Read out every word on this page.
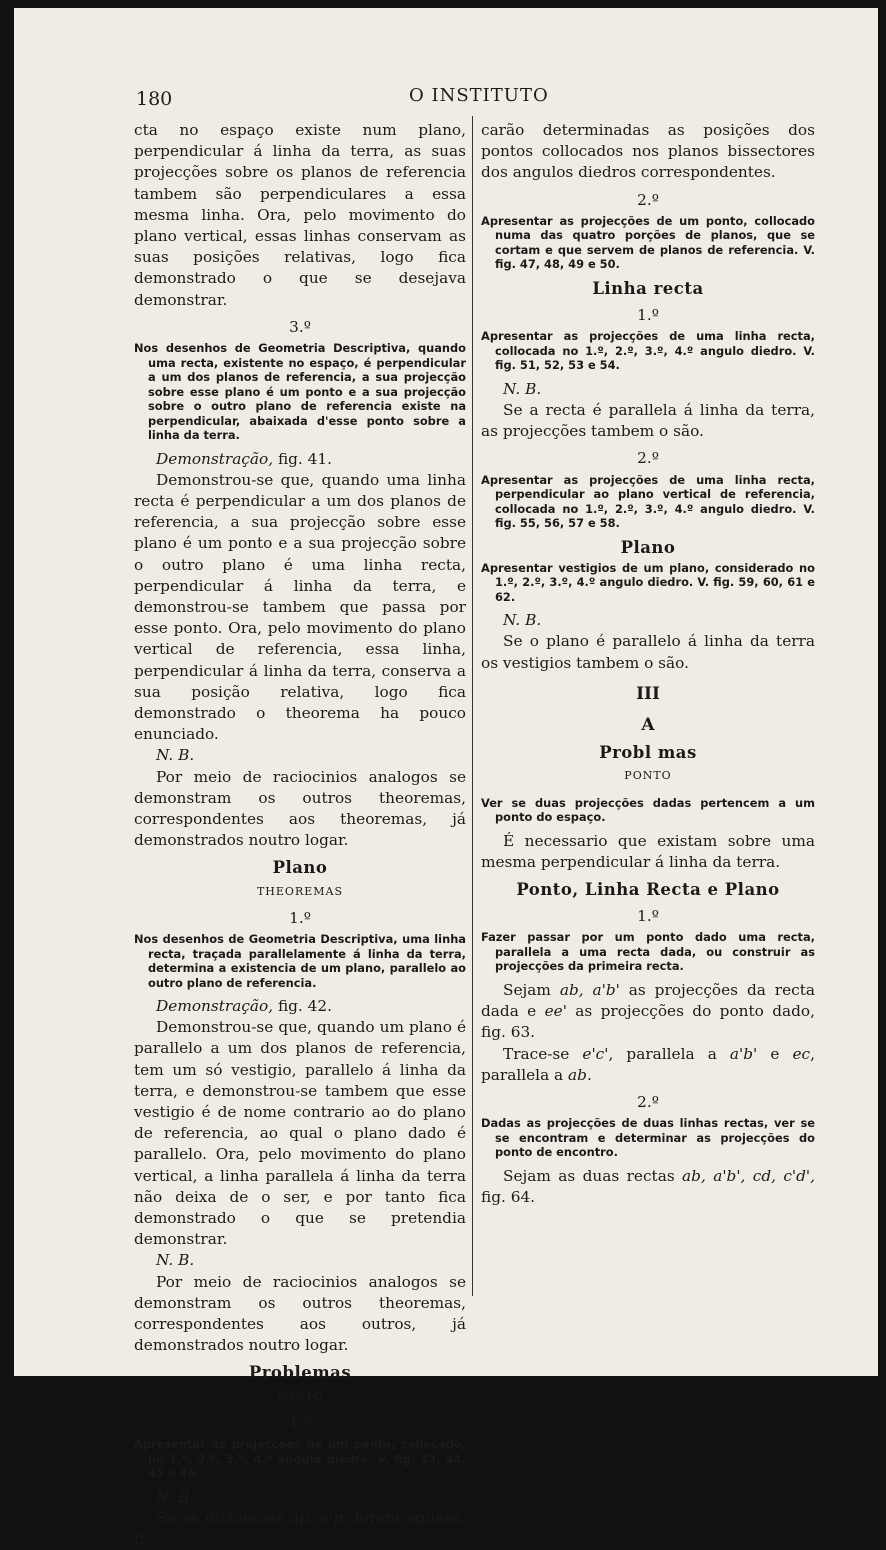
180	O INSTITUTO

cta no espaço existe num plano, perpendicular á linha da terra, as suas projecções sobre os planos de referencia tambem são perpendiculares a essa mesma linha. Ora, pelo movimento do plano vertical, essas linhas conservam as suas posições relativas, logo fica demonstrado o que se desejava demonstrar.

3.º

Nos desenhos de Geometria Descriptiva, quando uma recta, existente no espaço, é perpendicular a um dos planos de referencia, a sua projecção sobre esse plano é um ponto e a sua projecção sobre o outro plano de referencia existe na perpendicular, abaixada d'esse ponto sobre a linha da terra.

Demonstração, fig. 41.

Demonstrou-se que, quando uma linha recta é perpendicular a um dos planos de referencia, a sua projecção sobre esse plano é um ponto e a sua projecção sobre o outro plano é uma linha recta, perpendicular á linha da terra, e demonstrou-se tambem que passa por esse ponto. Ora, pelo movimento do plano vertical de referencia, essa linha, perpendicular á linha da terra, conserva a sua posição relativa, logo fica demonstrado o theorema ha pouco enunciado.

N. B.

Por meio de raciocinios analogos se demonstram os outros theoremas, correspondentes aos theoremas, já demonstrados noutro logar.

Plano
THEOREMAS
1.º

Nos desenhos de Geometria Descriptiva, uma linha recta, traçada parallelamente á linha da terra, determina a existencia de um plano, parallelo ao outro plano de referencia.

Demonstração, fig. 42.

Demonstrou-se que, quando um plano é parallelo a um dos planos de referencia, tem um só vestigio, parallelo á linha da terra, e demonstrou-se tambem que esse vestigio é de nome contrario ao do plano de referencia, ao qual o plano dado é parallelo. Ora, pelo movimento do plano vertical, a linha parallela á linha da terra não deixa de o ser, e por tanto fica demonstrado o que se pretendia demonstrar.

N. B.

Por meio de raciocinios analogos se demonstram os outros theoremas, correspondentes aos outros, já demonstrados noutro logar.

Problemas
PONTO
1.º

Apresentar as projecções de um ponto, collocado, no 1.º, 2.º, 3.º, 4.º angulo diedro. V. fig. 43, 44, 45 e 46.

N. B.

Se as distancias ap, a'p, forem eguaes, fi-

carão determinadas as posições dos pontos collocados nos planos bissectores dos angulos diedros correspondentes.

2.º

Apresentar as projecções de um ponto, collocado numa das quatro porções de planos, que se cortam e que servem de planos de referencia. V. fig. 47, 48, 49 e 50.

Linha recta
1.º

Apresentar as projecções de uma linha recta, collocada no 1.º, 2.º, 3.º, 4.º angulo diedro. V. fig. 51, 52, 53 e 54.

N. B.

Se a recta é parallela á linha da terra, as projecções tambem o são.

2.º

Apresentar as projecções de uma linha recta, perpendicular ao plano vertical de referencia, collocada no 1.º, 2.º, 3.º, 4.º angulo diedro. V. fig. 55, 56, 57 e 58.

Plano

Apresentar vestigios de um plano, considerado no 1.º, 2.º, 3.º, 4.º angulo diedro. V. fig. 59, 60, 61 e 62.

N. B.

Se o plano é parallelo á linha da terra os vestigios tambem o são.

III
A
Probl mas
PONTO

Ver se duas projecções dadas pertencem a um ponto do espaço.

É necessario que existam sobre uma mesma perpendicular á linha da terra.

Ponto, Linha Recta e Plano
1.º

Fazer passar por um ponto dado uma recta, parallela a uma recta dada, ou construir as projecções da primeira recta.

Sejam ab, a'b' as projecções da recta dada e ee' as projecções do ponto dado, fig. 63.

Trace-se e'c', parallela a a'b' e ec, parallela a ab.

2.º

Dadas as projecções de duas linhas rectas, ver se se encontram e determinar as projecções do ponto de encontro.

Sejam as duas rectas ab, a'b', cd, c'd', fig. 64.
